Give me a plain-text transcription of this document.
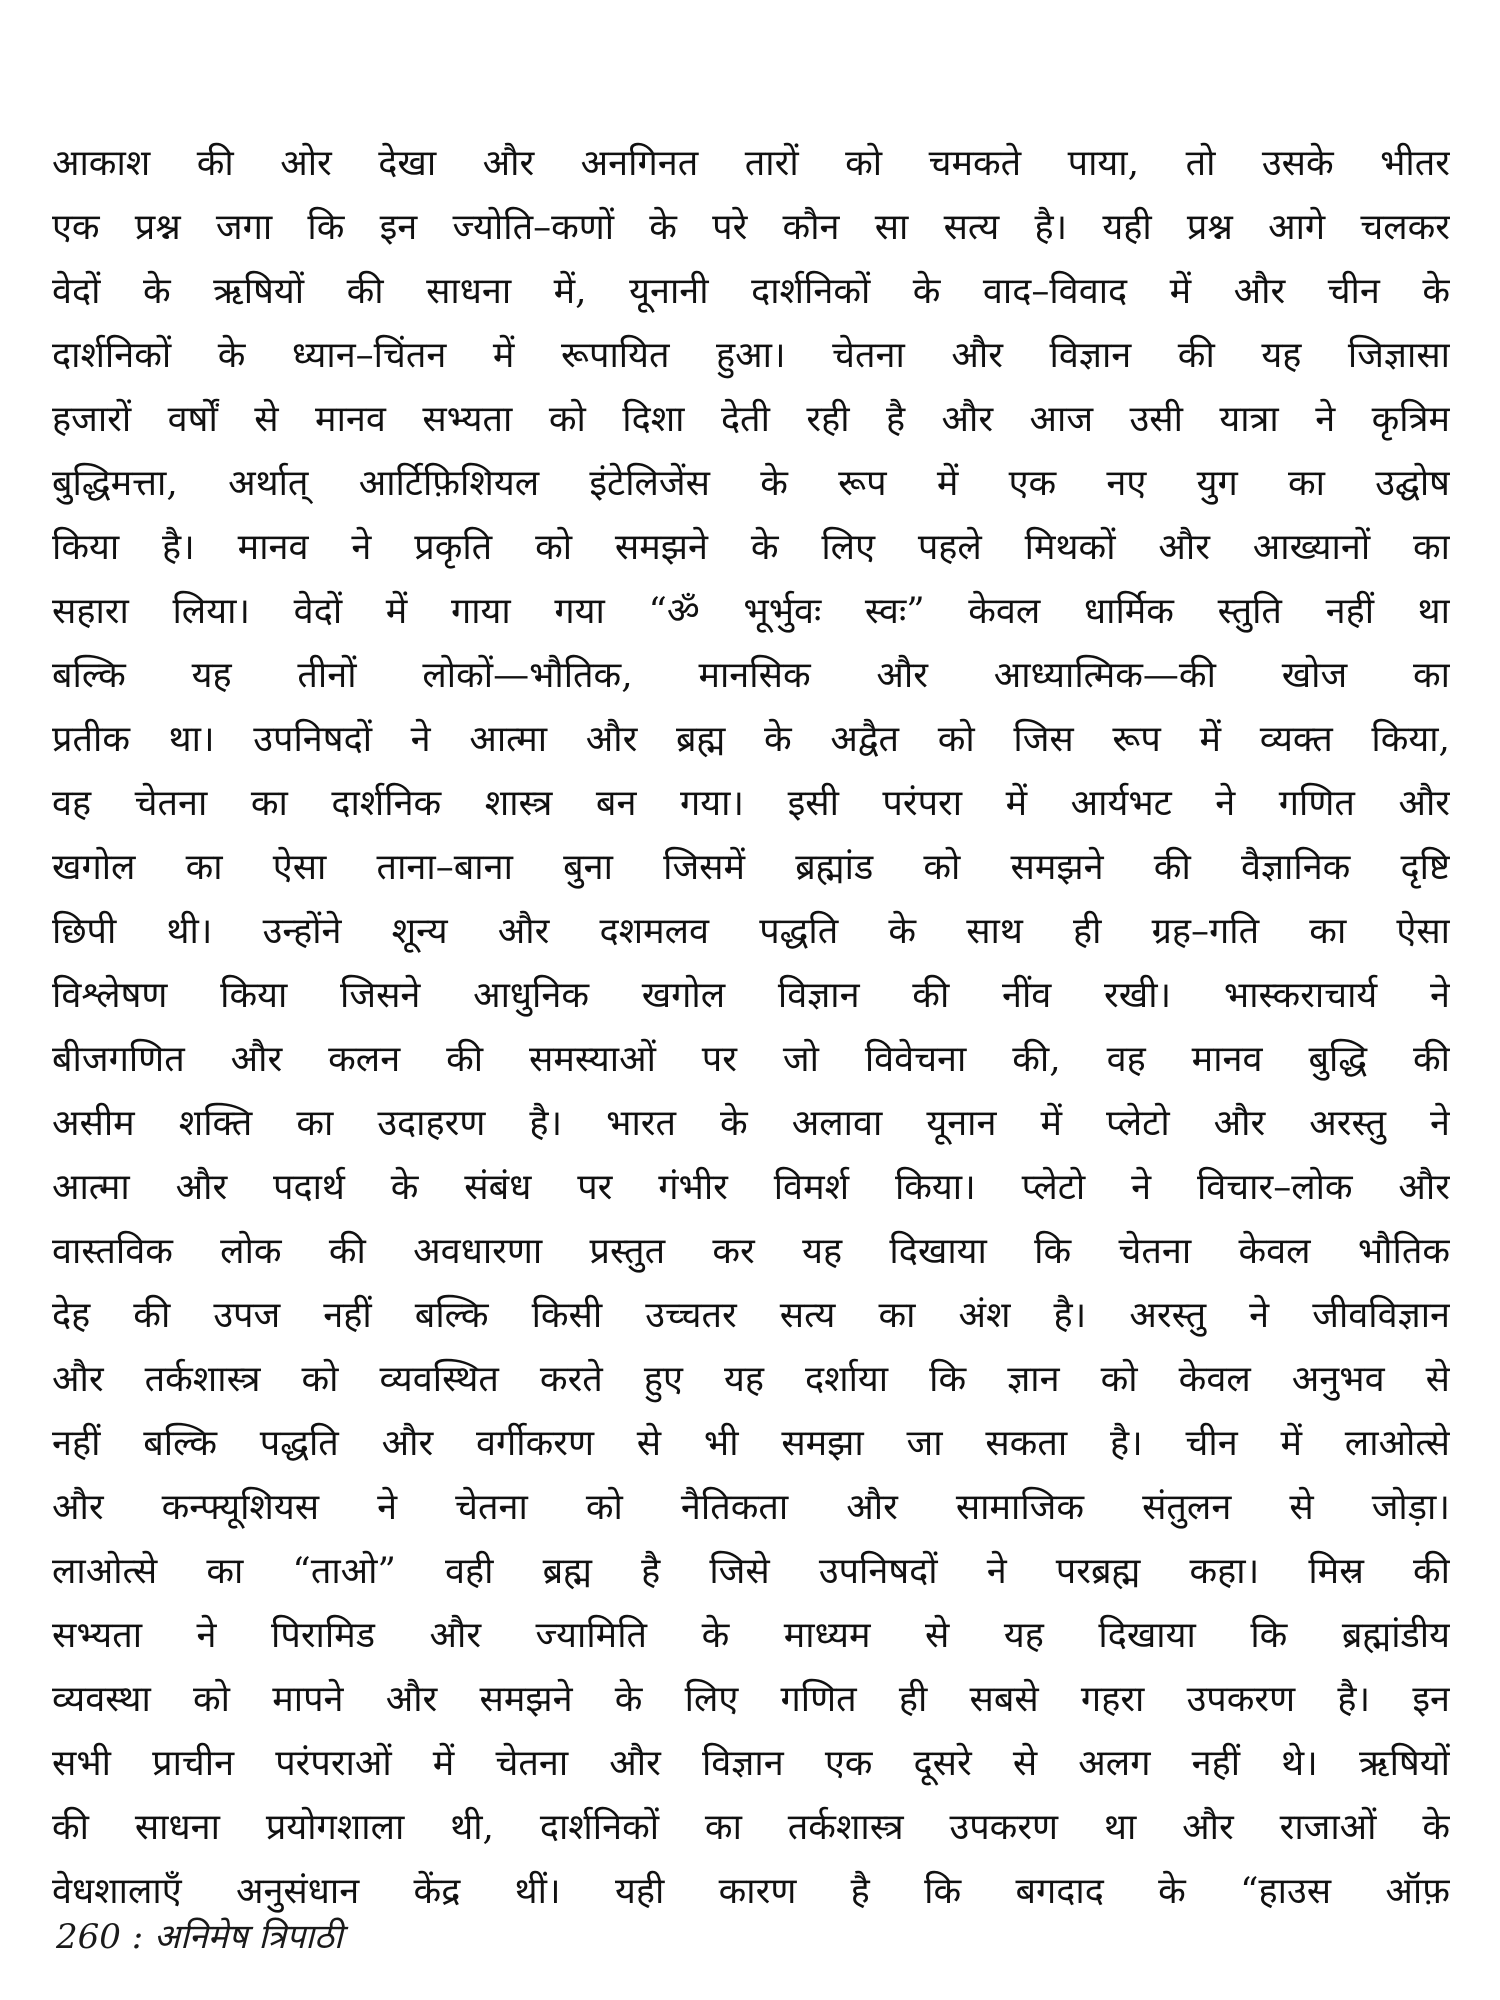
आकाश की ओर देखा और अनगिनत तारों को चमकते पाया, तो उसके भीतर
एक प्रश्न जगा कि इन ज्योति–कणों के परे कौन सा सत्य है। यही प्रश्न आगे चलकर
वेदों के ऋषियों की साधना में, यूनानी दार्शनिकों के वाद–विवाद में और चीन के
दार्शनिकों के ध्यान–चिंतन में रूपायित हुआ। चेतना और विज्ञान की यह जिज्ञासा
हजारों वर्षों से मानव सभ्यता को दिशा देती रही है और आज उसी यात्रा ने कृत्रिम
बुद्धिमत्ता, अर्थात् आर्टिफ़िशियल इंटेलिजेंस के रूप में एक नए युग का उद्घोष
किया है। मानव ने प्रकृति को समझने के लिए पहले मिथकों और आख्यानों का
सहारा लिया। वेदों में गाया गया “ॐ भूर्भुवः स्वः” केवल धार्मिक स्तुति नहीं था
बल्कि यह तीनों लोकों—भौतिक, मानसिक और आध्यात्मिक—की खोज का
प्रतीक था। उपनिषदों ने आत्मा और ब्रह्म के अद्वैत को जिस रूप में व्यक्त किया,
वह चेतना का दार्शनिक शास्त्र बन गया। इसी परंपरा में आर्यभट ने गणित और
खगोल का ऐसा ताना–बाना बुना जिसमें ब्रह्मांड को समझने की वैज्ञानिक दृष्टि
छिपी थी। उन्होंने शून्य और दशमलव पद्धति के साथ ही ग्रह–गति का ऐसा
विश्लेषण किया जिसने आधुनिक खगोल विज्ञान की नींव रखी। भास्कराचार्य ने
बीजगणित और कलन की समस्याओं पर जो विवेचना की, वह मानव बुद्धि की
असीम शक्ति का उदाहरण है। भारत के अलावा यूनान में प्लेटो और अरस्तु ने
आत्मा और पदार्थ के संबंध पर गंभीर विमर्श किया। प्लेटो ने विचार–लोक और
वास्तविक लोक की अवधारणा प्रस्तुत कर यह दिखाया कि चेतना केवल भौतिक
देह की उपज नहीं बल्कि किसी उच्चतर सत्य का अंश है। अरस्तु ने जीवविज्ञान
और तर्कशास्त्र को व्यवस्थित करते हुए यह दर्शाया कि ज्ञान को केवल अनुभव से
नहीं बल्कि पद्धति और वर्गीकरण से भी समझा जा सकता है। चीन में लाओत्से
और कन्फ्यूशियस ने चेतना को नैतिकता और सामाजिक संतुलन से जोड़ा।
लाओत्से का “ताओ” वही ब्रह्म है जिसे उपनिषदों ने परब्रह्म कहा। मिस्र की
सभ्यता ने पिरामिड और ज्यामिति के माध्यम से यह दिखाया कि ब्रह्मांडीय
व्यवस्था को मापने और समझने के लिए गणित ही सबसे गहरा उपकरण है। इन
सभी प्राचीन परंपराओं में चेतना और विज्ञान एक दूसरे से अलग नहीं थे। ऋषियों
की साधना प्रयोगशाला थी, दार्शनिकों का तर्कशास्त्र उपकरण था और राजाओं के
वेधशालाएँ अनुसंधान केंद्र थीं। यही कारण है कि बगदाद के “हाउस ऑफ़
260 : अनिमेष त्रिपाठी
